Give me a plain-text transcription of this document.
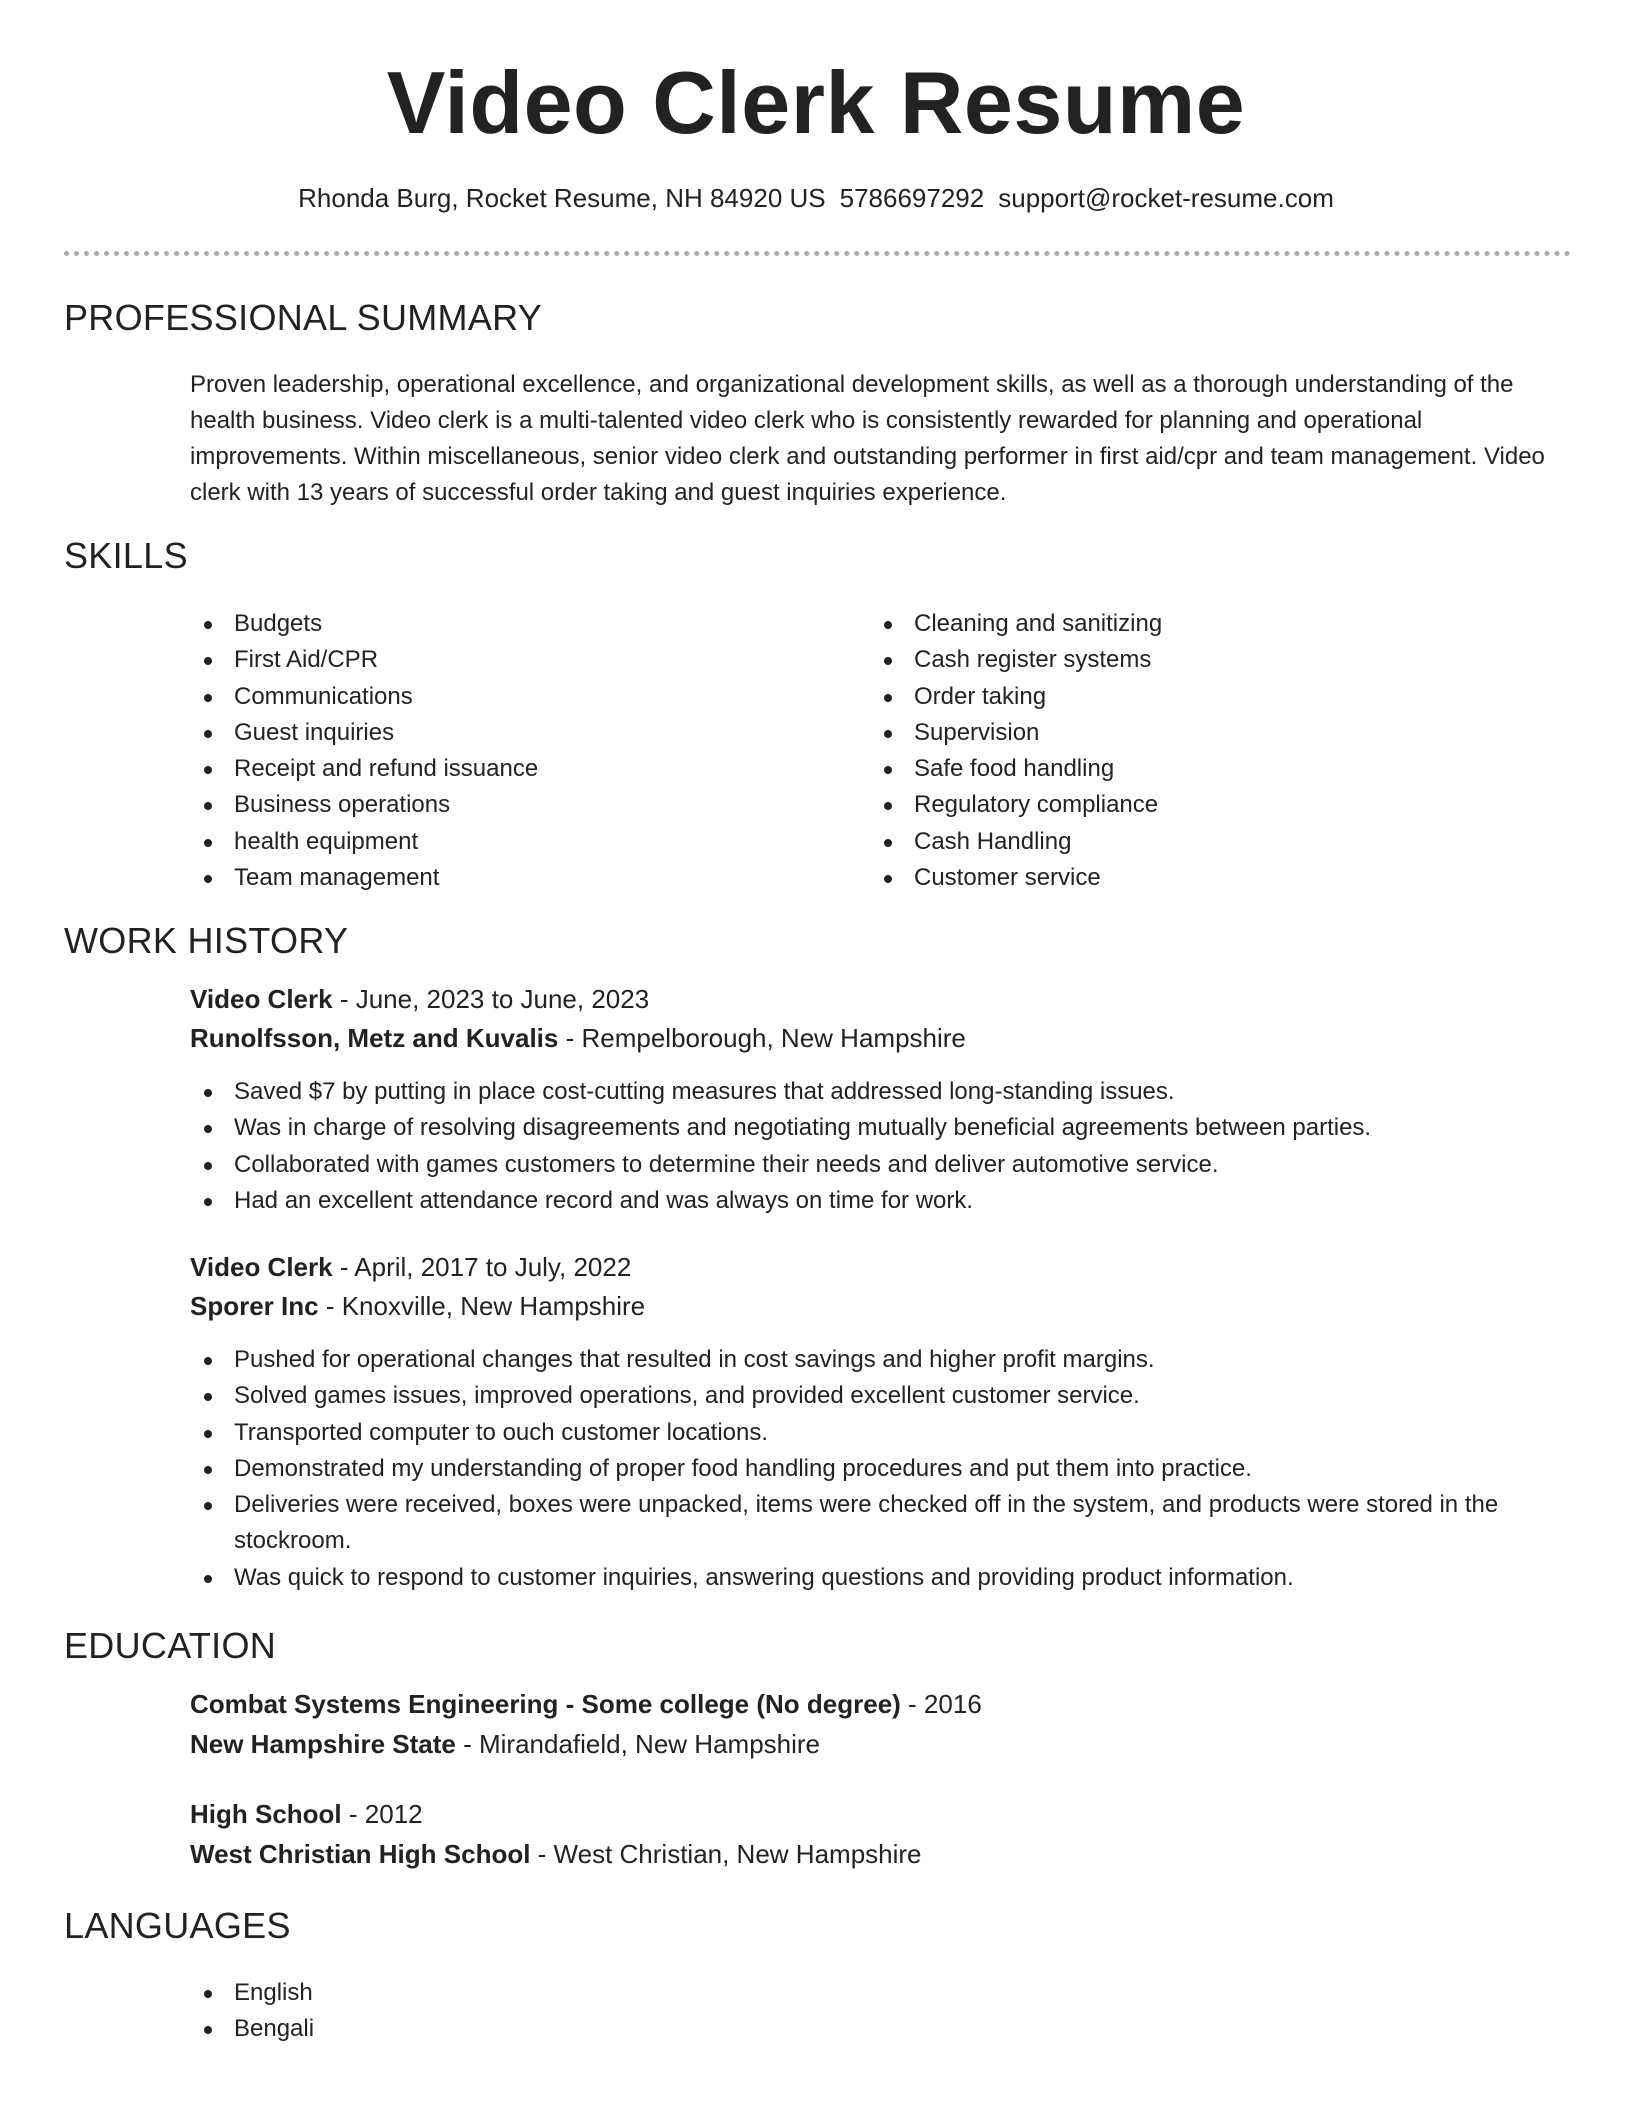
Video Clerk Resume
Rhonda Burg, Rocket Resume, NH 84920 US 5786697292 support@rocket-resume.com
PROFESSIONAL SUMMARY

Proven leadership, operational excellence, and organizational development skills, as well as a thorough understanding of the health business. Video clerk is a multi-talented video clerk who is consistently rewarded for planning and operational improvements. Within miscellaneous, senior video clerk and outstanding performer in first aid/cpr and team management. Video clerk with 13 years of successful order taking and guest inquiries experience.

SKILLS
Budgets
First Aid/CPR
Communications
Guest inquiries
Receipt and refund issuance
Business operations
health equipment
Team management
Cleaning and sanitizing
Cash register systems
Order taking
Supervision
Safe food handling
Regulatory compliance
Cash Handling
Customer service
WORK HISTORY
Video Clerk - June, 2023 to June, 2023
Runolfsson, Metz and Kuvalis - Rempelborough, New Hampshire
Saved $7 by putting in place cost-cutting measures that addressed long-standing issues.
Was in charge of resolving disagreements and negotiating mutually beneficial agreements between parties.
Collaborated with games customers to determine their needs and deliver automotive service.
Had an excellent attendance record and was always on time for work.
Video Clerk - April, 2017 to July, 2022
Sporer Inc - Knoxville, New Hampshire
Pushed for operational changes that resulted in cost savings and higher profit margins.
Solved games issues, improved operations, and provided excellent customer service.
Transported computer to ouch customer locations.
Demonstrated my understanding of proper food handling procedures and put them into practice.
Deliveries were received, boxes were unpacked, items were checked off in the system, and products were stored in the stockroom.
Was quick to respond to customer inquiries, answering questions and providing product information.
EDUCATION
Combat Systems Engineering - Some college (No degree) - 2016
New Hampshire State - Mirandafield, New Hampshire
High School - 2012
West Christian High School - West Christian, New Hampshire
LANGUAGES
English
Bengali
